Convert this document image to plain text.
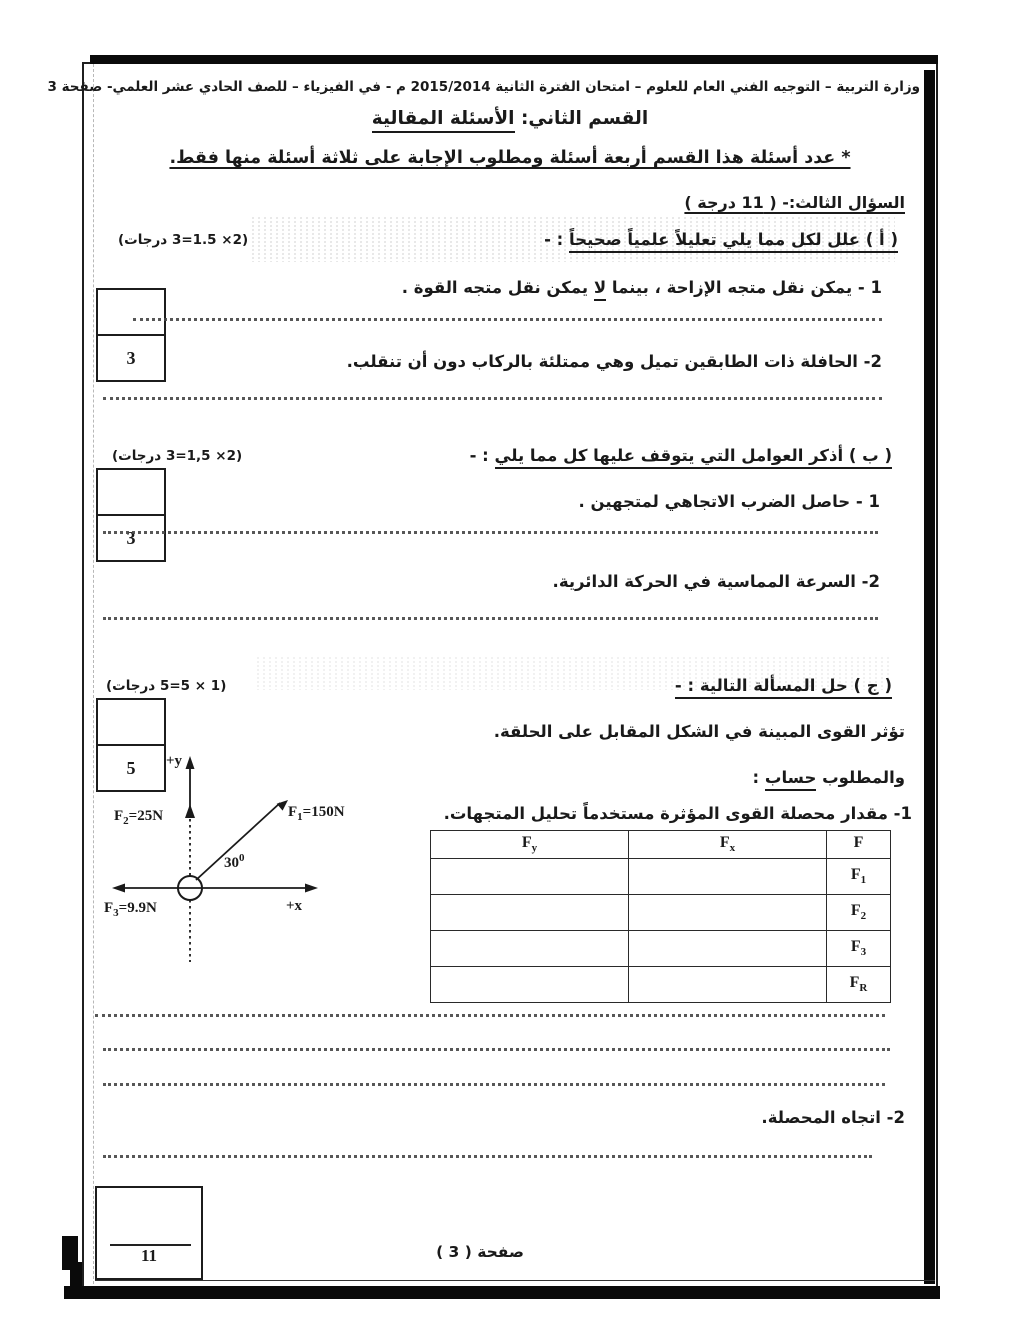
وزارة التربية – التوجيه الفني العام للعلوم – امتحان الفترة الثانية 2015/2014 م - في الفيزياء – للصف الحادي عشر العلمي- صفحة 3
القسم الثاني: الأسئلة المقالية
* عدد أسئلة هذا القسم أربعة أسئلة ومطلوب الإجابة على ثلاثة أسئلة منها فقط.
السؤال الثالث:- ( 11 درجة )
( أ ) علل لكل مما يلي تعليلاً علمياً صحيحاً : -
(2× 1.5=3 درجات)
1 - يمكن نقل متجه الإزاحة ، بينما لا يمكن نقل متجه القوة .
3	2- الحافلة ذات الطابقين تميل وهي ممتلئة بالركاب دون أن تنقلب.
( ب ) أذكر العوامل التي يتوقف عليها كل مما يلي : -
(2× 1,5=3 درجات)
3
1 - حاصل الضرب الاتجاهي لمتجهين .
2- السرعة المماسية في الحركة الدائرية.
( ج ) حل المسألة التالية : -
(1 × 5=5 درجات)
5
تؤثر القوى المبينة في الشكل المقابل على الحلقة.
والمطلوب حساب :
1- مقدار محصلة القوى المؤثرة مستخدماً تحليل المتجهات.
+y
$F_2=25N$	$F_1=150N$
$30^0$
$F_3=9.9N$	+x
$F_y$	$F_x$	F
		$F_1$
		$F_2$
		$F_3$
		$F_R$
2- اتجاه المحصلة.
11	صفحة ( 3 )
